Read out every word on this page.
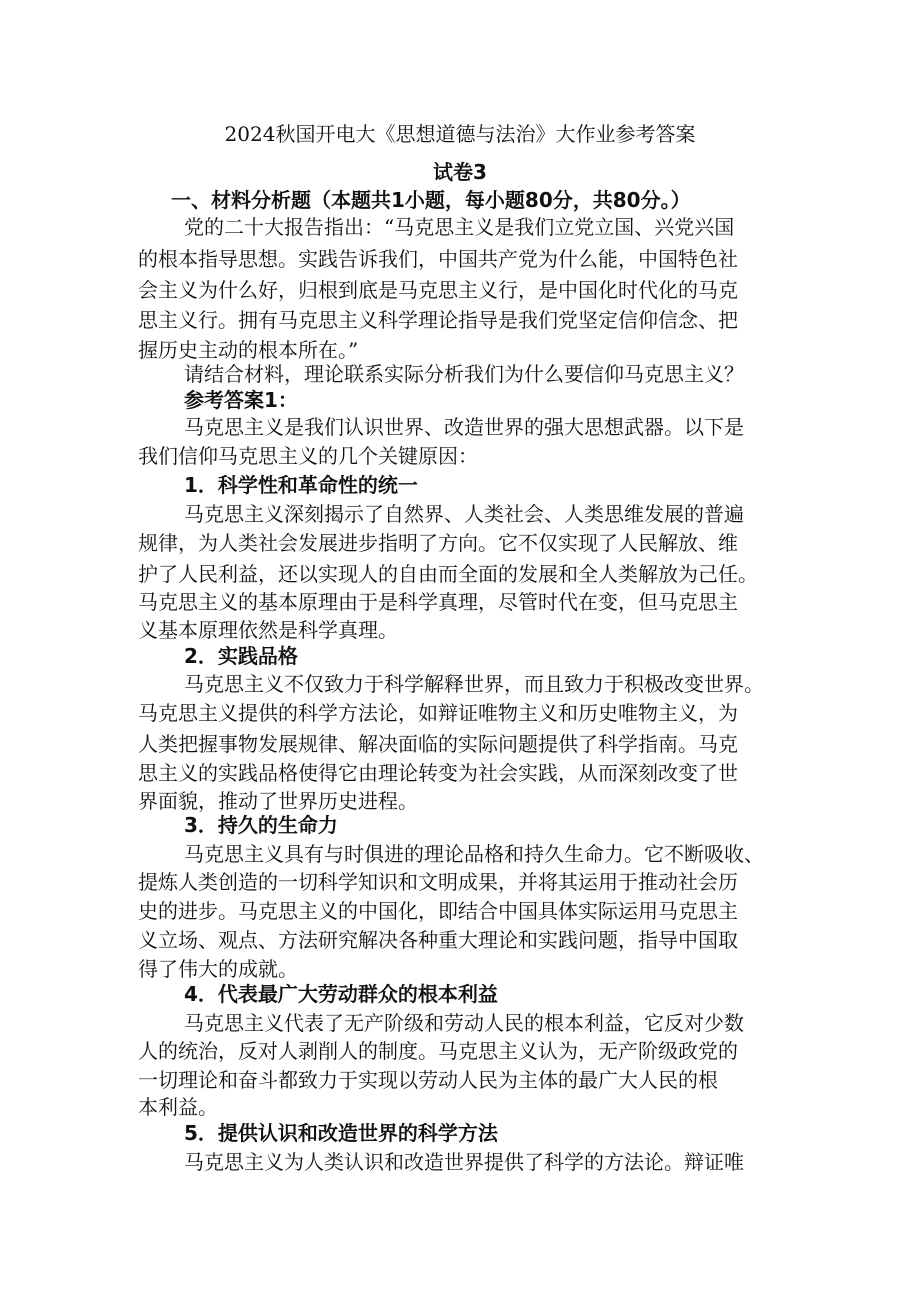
2024秋国开电大《思想道德与法治》大作业参考答案
试卷3
一、材料分析题（本题共1小题，每小题80分，共80分。）
党的二十大报告指出：“马克思主义是我们立党立国、兴党兴国
的根本指导思想。实践告诉我们，中国共产党为什么能，中国特色社
会主义为什么好，归根到底是马克思主义行，是中国化时代化的马克
思主义行。拥有马克思主义科学理论指导是我们党坚定信仰信念、把
握历史主动的根本所在。”
请结合材料，理论联系实际分析我们为什么要信仰马克思主义？
参考答案1：
马克思主义是我们认识世界、改造世界的强大思想武器。以下是
我们信仰马克思主义的几个关键原因：
1．科学性和革命性的统一
马克思主义深刻揭示了自然界、人类社会、人类思维发展的普遍
规律，为人类社会发展进步指明了方向。它不仅实现了人民解放、维
护了人民利益，还以实现人的自由而全面的发展和全人类解放为己任。
马克思主义的基本原理由于是科学真理，尽管时代在变，但马克思主
义基本原理依然是科学真理。
2．实践品格
马克思主义不仅致力于科学解释世界，而且致力于积极改变世界。
马克思主义提供的科学方法论，如辩证唯物主义和历史唯物主义，为
人类把握事物发展规律、解决面临的实际问题提供了科学指南。马克
思主义的实践品格使得它由理论转变为社会实践，从而深刻改变了世
界面貌，推动了世界历史进程。
3．持久的生命力
马克思主义具有与时俱进的理论品格和持久生命力。它不断吸收、
提炼人类创造的一切科学知识和文明成果，并将其运用于推动社会历
史的进步。马克思主义的中国化，即结合中国具体实际运用马克思主
义立场、观点、方法研究解决各种重大理论和实践问题，指导中国取
得了伟大的成就。
4．代表最广大劳动群众的根本利益
马克思主义代表了无产阶级和劳动人民的根本利益，它反对少数
人的统治，反对人剥削人的制度。马克思主义认为，无产阶级政党的
一切理论和奋斗都致力于实现以劳动人民为主体的最广大人民的根
本利益。
5．提供认识和改造世界的科学方法
马克思主义为人类认识和改造世界提供了科学的方法论。辩证唯
